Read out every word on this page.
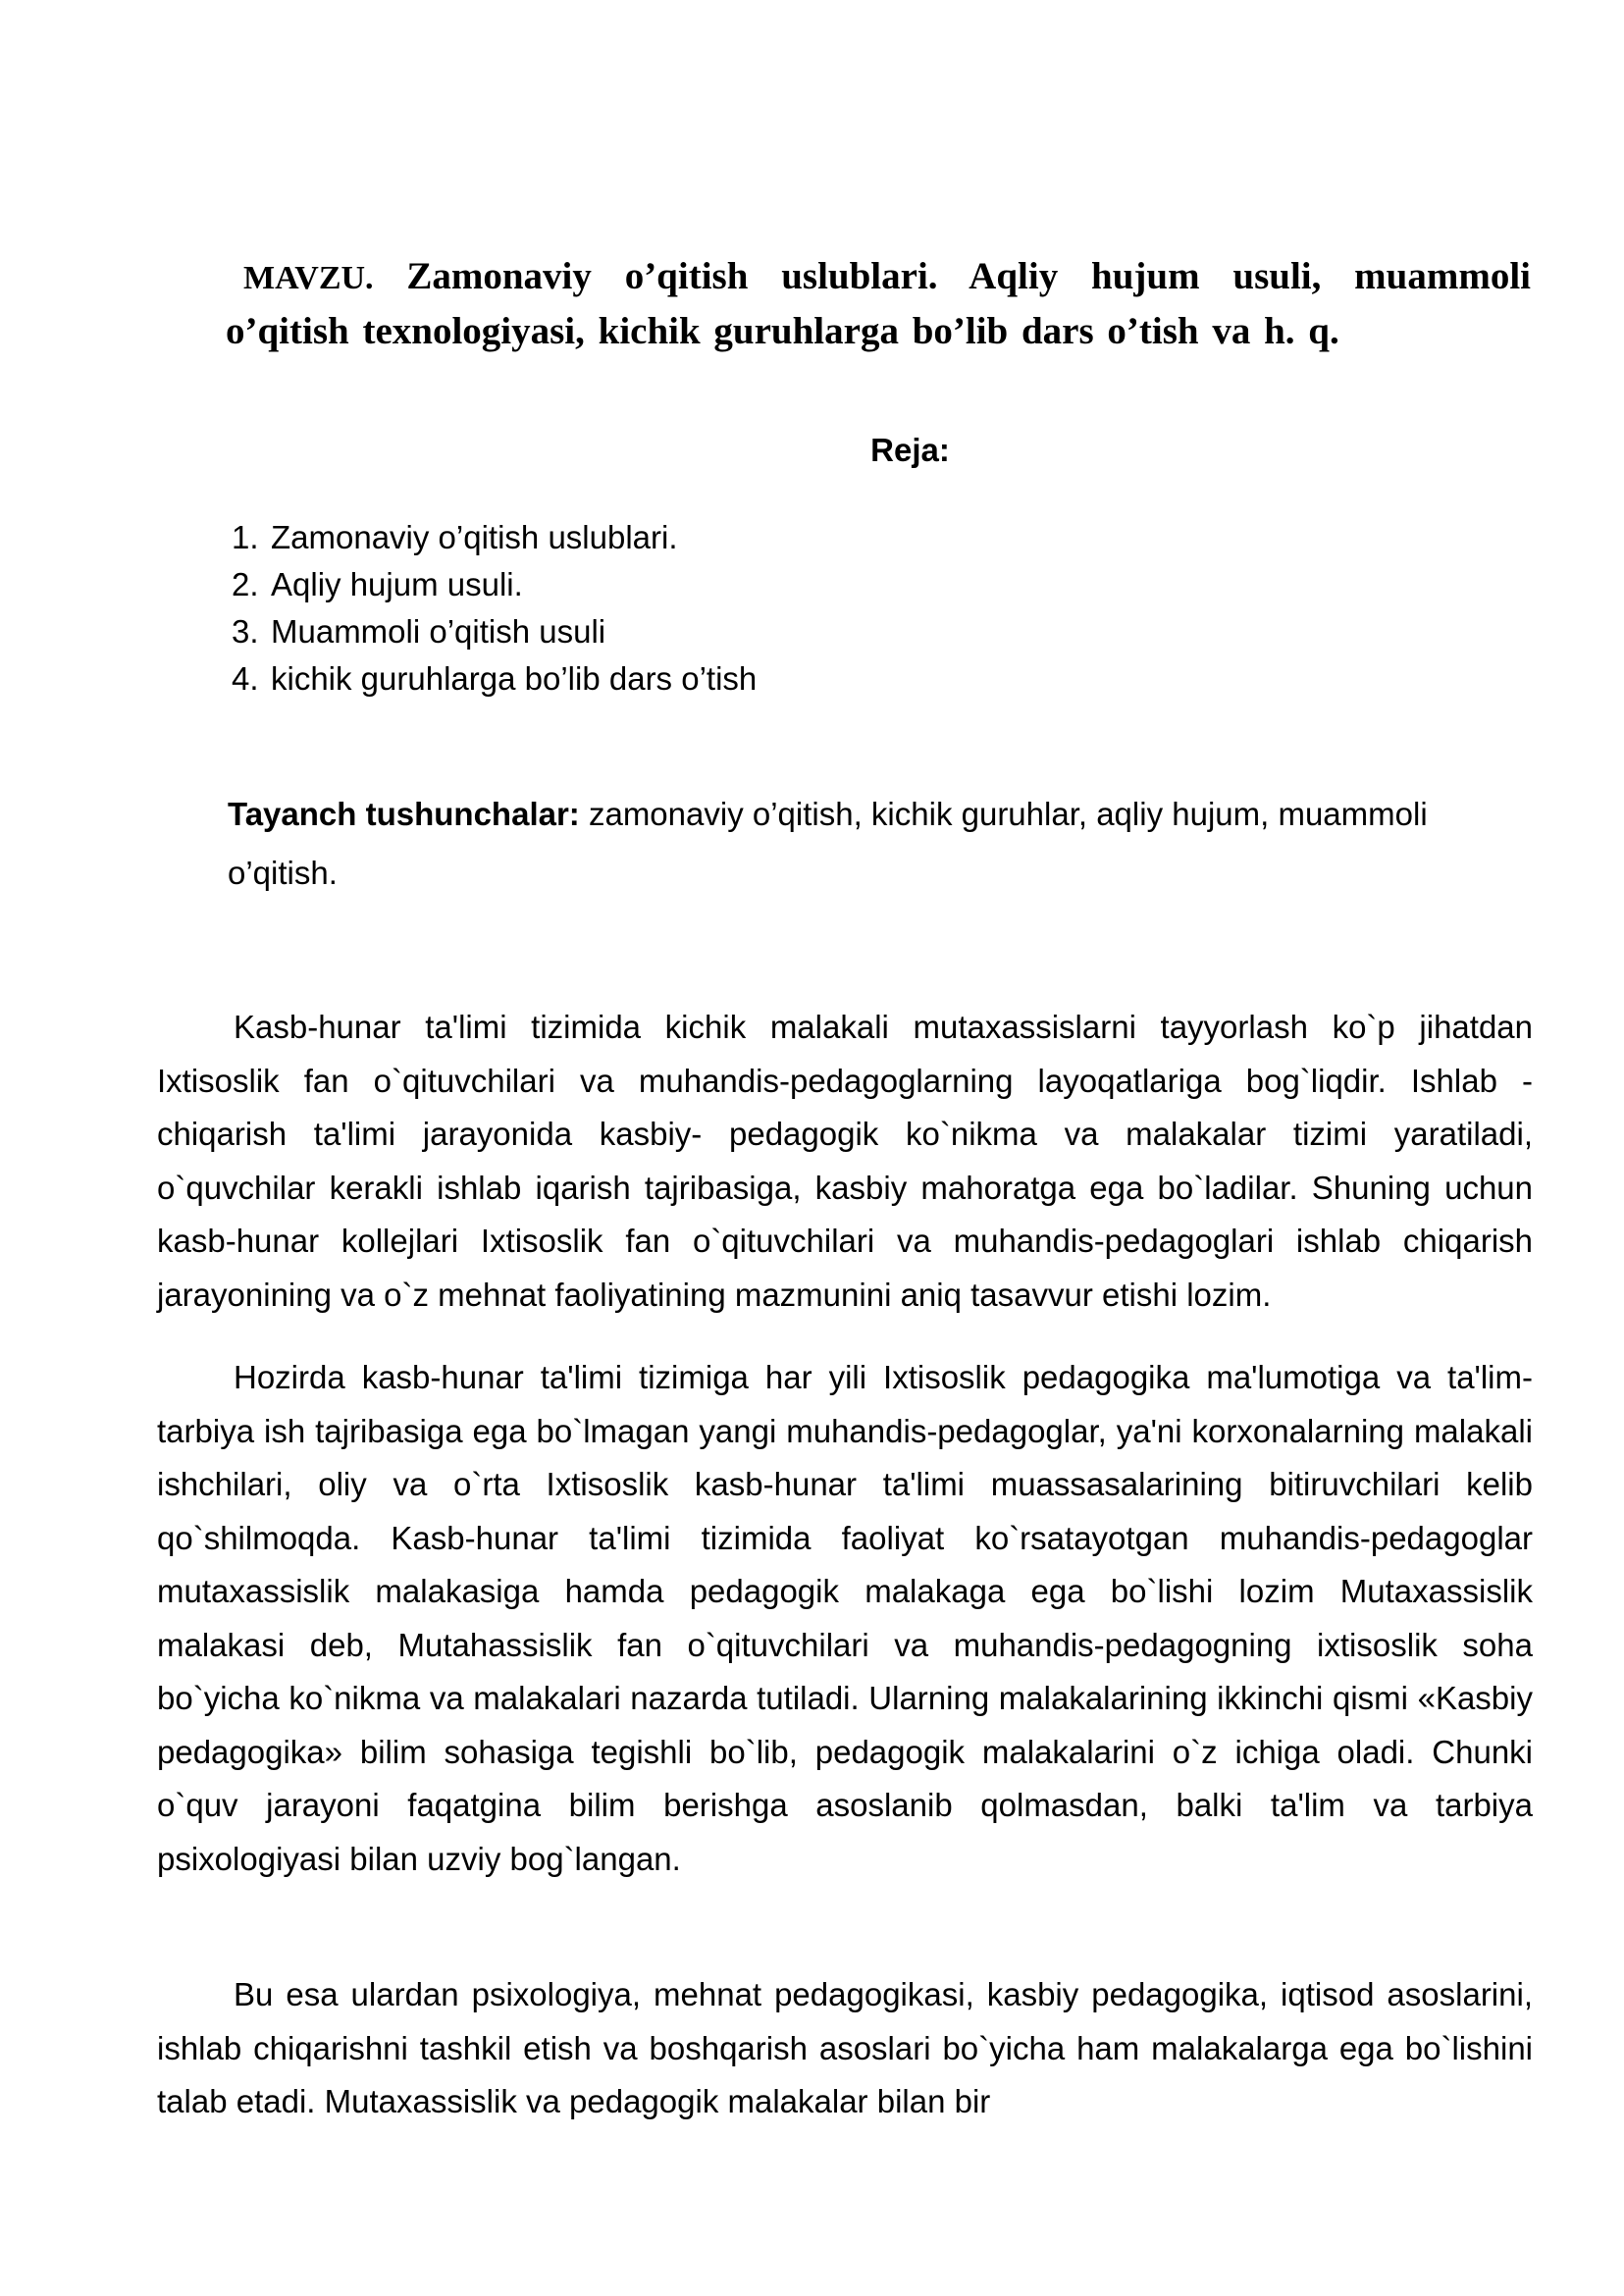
MAVZU. Zamonaviy o’qitish uslublari. Aqliy hujum usuli, muammoli
o’qitish texnologiyasi, kichik guruhlarga bo’lib dars o’tish va h. q.
Reja:
1. Zamonaviy o’qitish uslublari.
2. Aqliy hujum usuli.
3. Muammoli o’qitish usuli
4. kichik guruhlarga bo’lib dars o’tish

Tayanch tushunchalar: zamonaviy o’qitish, kichik guruhlar, aqliy hujum, muammoli o’qitish.

Kasb-hunar ta'limi tizimida kichik malakali mutaxassislarni tayyorlash ko`p jihatdan Ixtisoslik fan o`qituvchilari va muhandis-pedagoglarning layoqatlariga bog`liqdir. Ishlab - chiqarish ta'limi jarayonida kasbiy- pedagogik ko`nikma va malakalar tizimi yaratiladi, o`quvchilar kerakli ishlab iqarish tajribasiga, kasbiy mahoratga ega bo`ladilar. Shuning uchun kasb-hunar kollejlari Ixtisoslik fan o`qituvchilari va muhandis-pedagoglari ishlab chiqarish jarayonining va o`z mehnat faoliyatining mazmunini aniq tasavvur etishi lozim.

Hozirda kasb-hunar ta'limi tizimiga har yili Ixtisoslik pedagogika ma'lumotiga va ta'lim-tarbiya ish tajribasiga ega bo`lmagan yangi muhandis-pedagoglar, ya'ni korxonalarning malakali ishchilari, oliy va o`rta Ixtisoslik kasb-hunar ta'limi muassasalarining bitiruvchilari kelib qo`shilmoqda. Kasb-hunar ta'limi tizimida faoliyat ko`rsatayotgan muhandis-pedagoglar mutaxassislik malakasiga hamda pedagogik malakaga ega bo`lishi lozim Mutaxassislik malakasi deb, Mutahassislik fan o`qituvchilari va muhandis-pedagogning ixtisoslik soha bo`yicha ko`nikma va malakalari nazarda tutiladi. Ularning malakalarining ikkinchi qismi «Kasbiy pedagogika» bilim sohasiga tegishli bo`lib, pedagogik malakalarini o`z ichiga oladi. Chunki o`quv jarayoni faqatgina bilim berishga asoslanib qolmasdan, balki ta'lim va tarbiya psixologiyasi bilan uzviy bog`langan.

Bu esa ulardan psixologiya, mehnat pedagogikasi, kasbiy pedagogika, iqtisod asoslarini, ishlab chiqarishni tashkil etish va boshqarish asoslari bo`yicha ham malakalarga ega bo`lishini talab etadi. Mutaxassislik va pedagogik malakalar bilan bir
